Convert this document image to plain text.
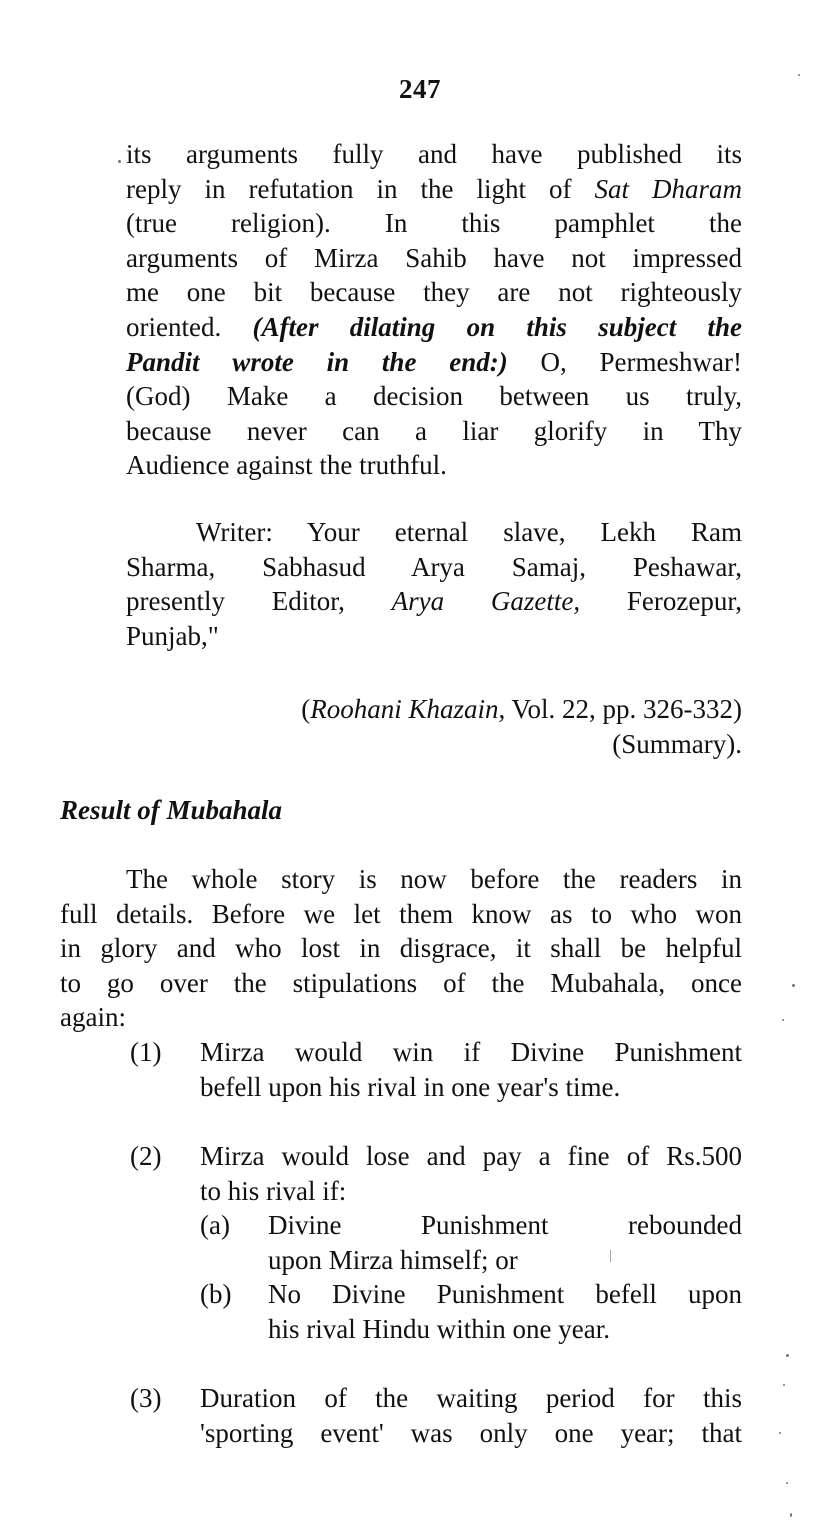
247
its arguments fully and have published its
reply in refutation in the light of Sat Dharam
(true religion). In this pamphlet the
arguments of Mirza Sahib have not impressed
me one bit because they are not righteously
oriented. (After dilating on this subject the
Pandit wrote in the end:) O, Permeshwar!
(God) Make a decision between us truly,
because never can a liar glorify in Thy
Audience against the truthful.
Writer: Your eternal slave, Lekh Ram
Sharma, Sabhasud Arya Samaj, Peshawar,
presently Editor, Arya Gazette, Ferozepur,
Punjab,"
(Roohani Khazain, Vol. 22, pp. 326-332)
(Summary).
Result of Mubahala
The whole story is now before the readers in
full details. Before we let them know as to who won
in glory and who lost in disgrace, it shall be helpful
to go over the stipulations of the Mubahala, once
again:
(1) Mirza would win if Divine Punishment
befell upon his rival in one year's time.
(2) Mirza would lose and pay a fine of Rs.500
to his rival if:
(a) Divine Punishment rebounded
upon Mirza himself; or
(b) No Divine Punishment befell upon
his rival Hindu within one year.
(3) Duration of the waiting period for this
'sporting event' was only one year; that
